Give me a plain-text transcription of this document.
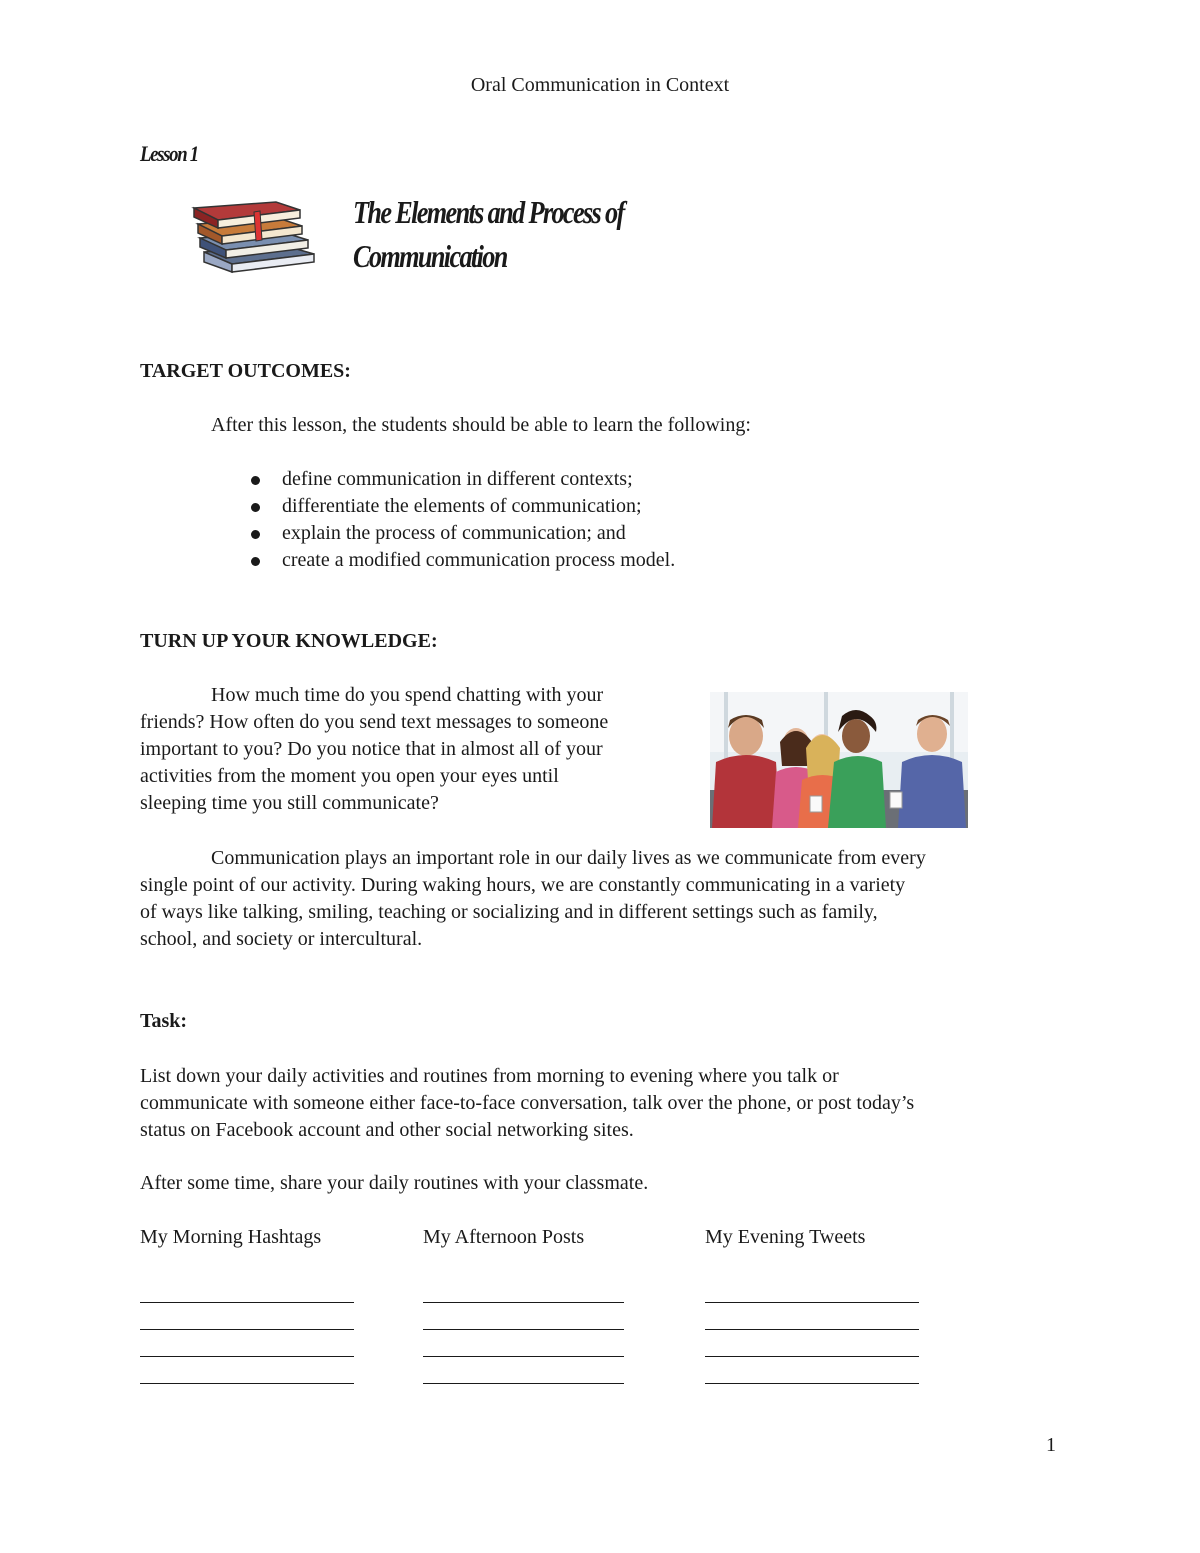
Oral Communication in Context
Lesson 1
The Elements and Process of
Communication
TARGET OUTCOMES:
After this lesson, the students should be able to learn the following:
define communication in different contexts;
differentiate the elements of communication;
explain the process of communication; and
create a modified communication process model.
TURN UP YOUR KNOWLEDGE:
How much time do you spend chatting with your
friends? How often do you send text messages to someone
important to you? Do you notice that in almost all of your
activities from the moment you open your eyes until
sleeping time you still communicate?
Communication plays an important role in our daily lives as we communicate from every
single point of our activity. During waking hours, we are constantly communicating in a variety
of ways like talking, smiling, teaching or socializing and in different settings such as family,
school, and society or intercultural.
Task:
List down your daily activities and routines from morning to evening where you talk or
communicate with someone either face-to-face conversation, talk over the phone, or post today’s
status on Facebook account and other social networking sites.
After some time, share your daily routines with your classmate.
My Morning Hashtags	My Afternoon Posts	My Evening Tweets
1
